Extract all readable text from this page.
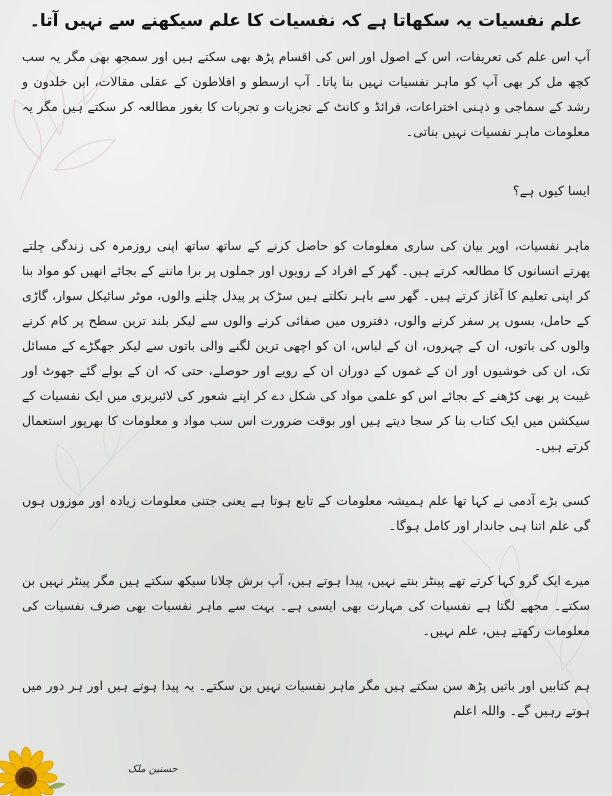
علم نفسیات یہ سکھاتا ہے کہ نفسیات کا علم سیکھنے سے نہیں آتا۔

آپ اس علم کی تعریفات، اس کے اصول اور اس کی اقسام پڑھ بھی سکتے ہیں اور سمجھ بھی مگر یہ سب کچھ مل کر بھی آپ کو ماہر نفسیات نہیں بنا پاتا۔ آپ ارسطو و افلاطون کے عقلی مقالات، ابن خلدون و رشد کے سماجی و ذہنی اختراعات، فرائڈ و کانٹ کے تجزیات و تجربات کا بغور مطالعہ کر سکتے ہیں مگر یہ معلومات ماہر نفسیات نہیں بناتی۔

ایسا کیوں ہے؟

ماہر نفسیات، اوپر بیان کی ساری معلومات کو حاصل کرنے کے ساتھ ساتھ اپنی روزمرہ کی زندگی چلتے پھرتے انسانوں کا مطالعہ کرتے ہیں۔ گھر کے افراد کے رویوں اور جملوں پر برا ماننے کے بجائے انھیں کو مواد بنا کر اپنی تعلیم کا آغاز کرتے ہیں۔ گھر سے باہر نکلتے ہیں سڑک پر پیدل چلنے والوں، موٹر سائیکل سوار، گاڑی کے حامل، بسوں پر سفر کرنے والوں، دفتروں میں صفائی کرنے والوں سے لیکر بلند ترین سطح پر کام کرنے والوں کی باتوں، ان کے چہروں، ان کے لباس، ان کو اچھی ترین لگنے والی باتوں سے لیکر جھگڑے کے مسائل تک، ان کی خوشیوں اور ان کے غموں کے دوران ان کے رویے اور حوصلے، حتی کہ ان کے بولے گئے جھوٹ اور غیبت پر بھی کڑھنے کے بجائے اس کو علمی مواد کی شکل دے کر اپنے شعور کی لائبریری میں ایک نفسیات کے سیکشن میں ایک کتاب بنا کر سجا دیتے ہیں اور بوقت ضرورت اس سب مواد و معلومات کا بھرپور استعمال کرتے ہیں۔

کسی بڑے آدمی نے کہا تھا علم ہمیشہ معلومات کے تابع ہوتا ہے یعنی جتنی معلومات زیادہ اور موزوں ہوں گی علم اتنا ہی جاندار اور کامل ہوگا۔

میرے ایک گرو کہا کرتے تھے پینٹر بنتے نہیں، پیدا ہوتے ہیں، آپ برش چلانا سیکھ سکتے ہیں مگر پینٹر نہیں بن سکتے۔ مجھے لگتا ہے نفسیات کی مہارت بھی ایسی ہے۔ بہت سے ماہر نفسیات بھی صرف نفسیات کی معلومات رکھتے ہیں، علم نہیں۔

ہم کتابیں اور باتیں پڑھ سن سکتے ہیں مگر ماہر نفسیات نہیں بن سکتے۔ یہ پیدا ہوتے ہیں اور ہر دور میں ہوتے رہیں گے۔ واللہ اعلم

حسنین ملک
